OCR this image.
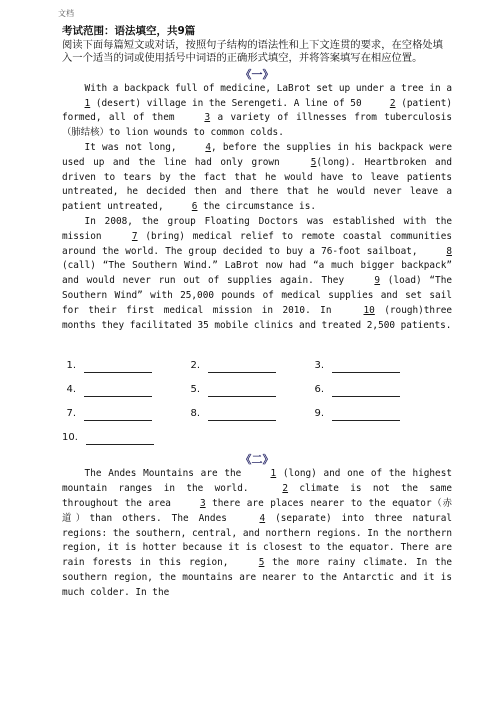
文档

考试范围：语法填空，共9篇

阅读下面每篇短文或对话，按照句子结构的语法性和上下文连贯的要求，在空格处填入一个适当的词或使用括号中词语的正确形式填空，并将答案填写在相应位置。

《一》

With a backpack full of medicine, LaBrot set up under a tree in a 1 (desert) village in the Serengeti. A line of 50 2 (patient) formed, all of them 3 a variety of illnesses from tuberculosis（肺结核）to lion wounds to common colds.

It was not long, 4, before the supplies in his backpack were used up and the line had only grown 5(long). Heartbroken and driven to tears by the fact that he would have to leave patients untreated, he decided then and there that he would never leave a patient untreated, 6 the circumstance is.

In 2008, the group Floating Doctors was established with the mission 7 (bring) medical relief to remote coastal communities around the world. The group decided to buy a 76-foot sailboat, 8 (call) “The Southern Wind.” LaBrot now had “a much bigger backpack” and would never run out of supplies again. They 9 (load) “The Southern Wind” with 25,000 pounds of medical supplies and set sail for their first medical mission in 2010. In 10 (rough)three months they facilitated 35 mobile clinics and treated 2,500 patients.

1.	2.	3.
4.	5.	6.
7.	8.	9.
10.
《二》

The Andes Mountains are the 1 (long) and one of the highest mountain ranges in the world. 2 climate is not the same throughout the area 3 there are places nearer to the equator（赤道）than others. The Andes 4 (separate) into three natural regions: the southern, central, and northern regions. In the northern region, it is hotter because it is closest to the equator. There are rain forests in this region, 5 the more rainy climate. In the southern region, the mountains are nearer to the Antarctic and it is much colder. In the
